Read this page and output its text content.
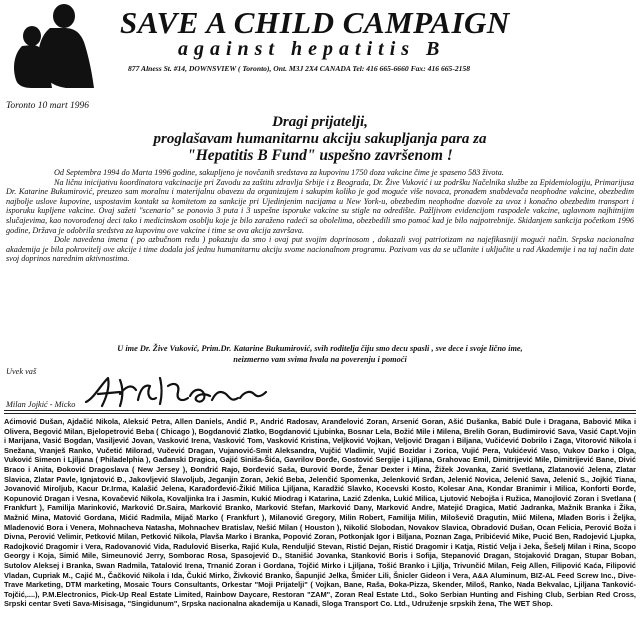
SAVE A CHILD CAMPAIGN
against hepatitis B
877 Alness St. #14, DOWNSVIEW ( Toronto), Ont. M3J 2X4 CANADA Tel: 416 665-6660 Fax: 416 665-2158
Toronto 10 mart 1996
Dragi prijatelji,
proglašavam humanitarnu akciju sakupljanja para za
"Hepatitis B Fund" uspešno završenom !

Od Septembra 1994 do Marta 1996 godine, sakupljeno je novčanih sredstava za kupovinu 1750 doza vakcine čime je spaseno 583 života.

Na ličnu inicijativu koordinatora vakcinacije pri Zavodu za zaštitu zdravlja Srbije i z Beograda, Dr. Žive Vuković i uz podršku Načelnika službe za Epidemiologiju, Primarijusa Dr. Katarine Bukumirović, preuzeo sam moralnu i materijalnu obavezu da organizujem i sakupim koliko je god moguće više novaca, pronađem snabdevača neophodne vakcine, obezbedim najbolje uslove kupovine, uspostavim kontakt sa komitetom za sankcije pri Ujedinjenim nacijama u New York-u, obezbedim neophodne dozvole za uvoz i konačno obezbedim transport i isporuku kupljene vakcine. Ovaj sažeti "scenario" se ponovio 3 puta i 3 uspešne isporuke vakcine su stigle na odredište. Pažljivom evidencijom raspodele vakcine, uglavnom najhitnijim slučajevima, kao novorođenoj deci tako i medicinskom osoblju koje je bilo zaraženo radeći sa obolelima, obezbedili smo pomoć kad je bilo najpotrebnije. Skidanjem sankcija početkom 1996 godine, Država je odobrila sredstva za kupovinu ove vakcine i time se ova akcija završava.

Dole navedena imena ( po azbučnom redu ) pokazuju da smo i ovaj put svojim doprinosom , dokazali svoj patriotizam na najefikasniji mogući način. Srpska nacionalna akademija je bila pokrovitelj ove akcije i time dodala još jednu humanitarnu akciju svome nacionalnom programu. Pozivam vas da se učlanite i uključite u rad Akademije i na taj način date svoj doprinos narednim aktivnostima.

U ime Dr. Žive Vuković, Prim.Dr. Katarine Bukumirović, svih roditelja čiju smo decu spasli , sve dece i svoje lično ime,
neizmerno vam svima hvala na poverenju i pomoći
Uvek vaš
Milan Jojkić - Micko
Aćimović Dušan, Ajdačić Nikola, Aleksić Petra, Allen Daniels, Andić P., Andrić Radosav, Aranđelović Zoran, Arsenić Goran, Ašić Dušanka, Babić Dule i Dragana, Babović Mika i Olivera, Begović Milan, Bjelopetrović Beba ( Chicago ), Bogdanović Zlatko, Bogdanović Ljubinka, Bosnar Lela, Božić Mile i Milena, Brelih Goran, Budimirović Sava, Vasić Capt.Vojin i Marijana, Vasić Bogdan, Vasiljević Jovan, Vasković Irena, Vasković Tom, Vasković Kristina, Veljković Vojkan, Veljović Dragan i Biljana, Vučićević Dobrilo i Zaga, Vitorović Nikola i Snežana, Vranješ Ranko, Vučetić Milorad, Vučević Dragan, Vujanović-Smit Aleksandra, Vujčić Vladimir, Vujić Bozidar i Zorica, Vujić Pera, Vukićević Vaso, Vukov Darko i Olga, Vuković Simeon i Ljiljana ( Philadelphia ), Gađanski Dragica, Gajić Siniša-Šića, Gavrilov Đorđe, Gostović Sergije i Ljiljana, Grahovac Emil, Dimitrijević Mile, Dimitrijević Bane, Divić Braco i Anita, Đoković Dragoslava ( New Jersey ), Đonđrić Rajo, Đorđević Saša, Đurović Đorđe, Ženar Dexter i Mina, Žižek Jovanka, Zarić Svetlana, Zlatanović Jelena, Zlatar Slavica, Zlatar Pavle, Ignjatović Đ., Jakovljević Slavoljub, Jeganjin Zoran, Jekić Beba, Jelenčić Spomenka, Jelenković Srđan, Jelenić Novica, Jelenić Sava, Jelenić S., Jojkić Tiana, Jovanović Miroljub, Kacur Dr.Irma, Kalašić Jelena, Karađorđević-Žikić Milica Ljiljana, Karadžić Slavko, Kocevski Kosto, Kolesar Ana, Kondar Branimir i Milica, Konforti Đorđe, Kopunović Dragan i Vesna, Kovačević Nikola, Kovaljinka Ira i Jasmin, Kukić Miodrag i Katarina, Lazić Zdenka, Lukić Milica, Ljutović Nebojša i Ružica, Manojlović Zoran i Svetlana ( Frankfurt ), Familija Marinković, Marković Dr.Saira, Marković Branko, Marković Stefan, Marković Dany, Marković Andre, Matejić Dragica, Matić Jadranka, Mažnik Branka i Žika, Mažnić Mina, Matović Gordana, Mićić Radmila, Mijač Marko ( Frankfurt ), Milanović Gregory, Milin Robert, Familija Milin, Miloševič Dragutin, Miić Milena, Mlađen Boris i Željka, Mladenović Bora i Venera, Mohnacheva Natasha, Mohnachev Bratislav, Nešić Milan ( Houston ), Nikolić Slobodan, Novakov Slavica, Obradović Dušan, Ocan Felicia, Perović Boža i Divna, Perović Velimir, Petković Milan, Petković Nikola, Plavša Marko i Branka, Popović Zoran, Potkonjak Igor i Biljana, Poznan Zaga, Pribićević Mike, Pucić Ben, Radojević Ljupka, Radojković Dragomir i Vera, Radovanović Vida, Radulović Biserka, Rajić Kula, Renduljić Stevan, Ristić Dejan, Ristić Dragomir i Katja, Ristić Velja i Jeka, Šešelj Milan i Rina, Scopo Georgy i Koja, Simić Mile, Simeunović Jerry, Somborac Rosa, Spasojević D., Stanišić Jovanka, Stanković Boris i Sofija, Stepanović Dragan, Stojaković Dragan, Stupar Boban, Sutolov Aleksej i Branka, Swan Radmila, Tatalović Irena, Trnanić Zoran i Gordana, Tojčić Mirko i Ljiljana, Tošić Branko i Ljilja, Trivunčić Milan, Feig Allen, Filipović Kaća, Filipović Vladan, Cupriak M., Cajić M., Čačković Nikola i Ida, Čukić Mirko, Živković Branko, Šapunjić Jelka, Šmićer Lili, Šnicler Gideon i Vera, A&A Aluminum, BIZ-AL Feed Screw Inc., Dive-Trave Marketing, DTM marketing, Mosaic Tours Consultants, Orkestar "Moji Prijatelji" ( Vojkan, Bane, Raša, Đoka-Pizza, Skender, Miloš, Ranko, Nada Bekvalac, Ljiljana Tanković-Tojčić,....), P.M.Electronics, Pick-Up Real Estate Limited, Rainbow Daycare, Restoran "ZAM", Zoran Real Estate Ltd., Soko Serbian Hunting and Fishing Club, Serbian Red Cross, Srpski centar Sveti Sava-Misisaga, "Singidunum", Srpska nacionalna akademija u Kanadi, Sloga Transport Co. Ltd., Udruženje srpskih žena, The WET Shop.
